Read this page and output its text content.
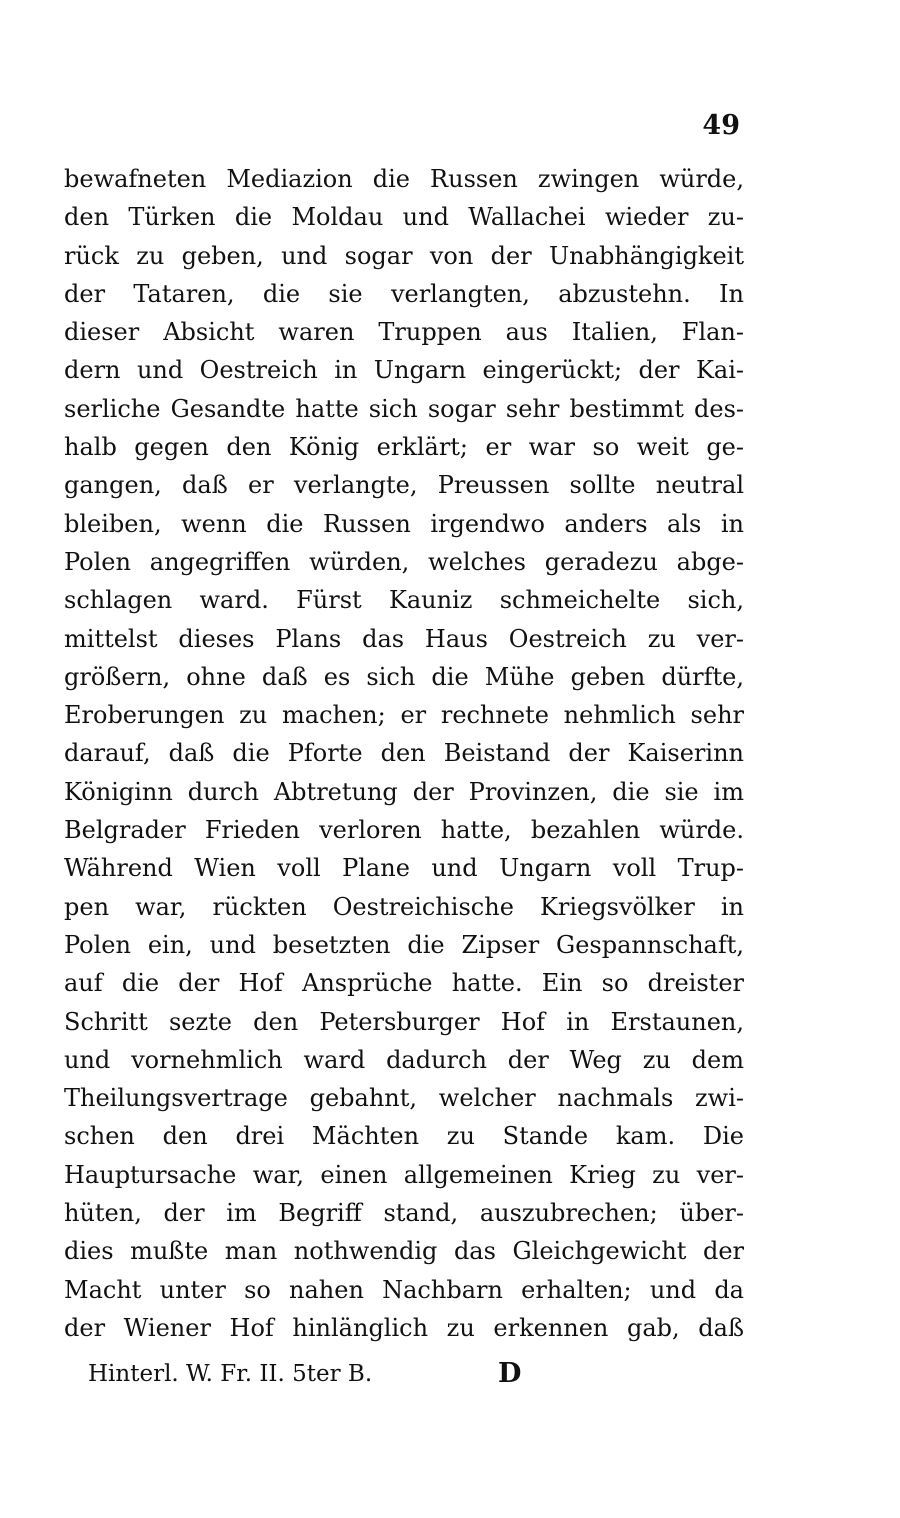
49
bewafneten Mediazion die Russen zwingen würde,
den Türken die Moldau und Wallachei wieder zu-
rück zu geben, und sogar von der Unabhängigkeit
der Tataren, die sie verlangten, abzustehn. In
dieser Absicht waren Truppen aus Italien, Flan-
dern und Oestreich in Ungarn eingerückt; der Kai-
serliche Gesandte hatte sich sogar sehr bestimmt des-
halb gegen den König erklärt; er war so weit ge-
gangen, daß er verlangte, Preussen sollte neutral
bleiben, wenn die Russen irgendwo anders als in
Polen angegriffen würden, welches geradezu abge-
schlagen ward. Fürst Kauniz schmeichelte sich,
mittelst dieses Plans das Haus Oestreich zu ver-
größern, ohne daß es sich die Mühe geben dürfte,
Eroberungen zu machen; er rechnete nehmlich sehr
darauf, daß die Pforte den Beistand der Kaiserinn
Königinn durch Abtretung der Provinzen, die sie im
Belgrader Frieden verloren hatte, bezahlen würde.
Während Wien voll Plane und Ungarn voll Trup-
pen war, rückten Oestreichische Kriegsvölker in
Polen ein, und besetzten die Zipser Gespannschaft,
auf die der Hof Ansprüche hatte. Ein so dreister
Schritt sezte den Petersburger Hof in Erstaunen,
und vornehmlich ward dadurch der Weg zu dem
Theilungsvertrage gebahnt, welcher nachmals zwi-
schen den drei Mächten zu Stande kam. Die
Hauptursache war, einen allgemeinen Krieg zu ver-
hüten, der im Begriff stand, auszubrechen; über-
dies mußte man nothwendig das Gleichgewicht der
Macht unter so nahen Nachbarn erhalten; und da
der Wiener Hof hinlänglich zu erkennen gab, daß
Hinterl. W. Fr. II. 5ter B.	D
